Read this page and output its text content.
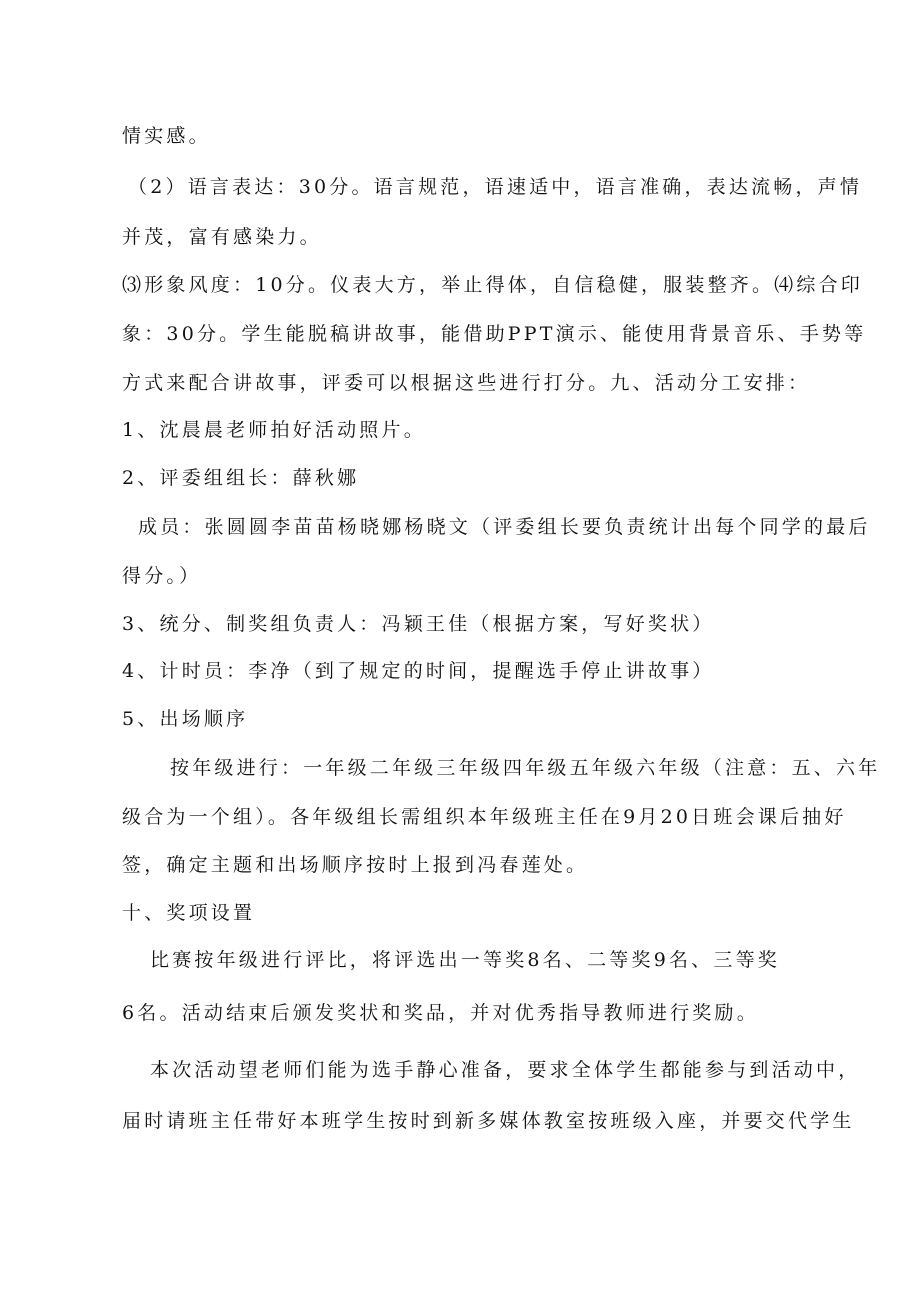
情实感。
（2）语言表达：30分。语言规范，语速适中，语言准确，表达流畅，声情
并茂，富有感染力。
⑶形象风度：10分。仪表大方，举止得体，自信稳健，服装整齐。⑷综合印
象：30分。学生能脱稿讲故事，能借助PPT演示、能使用背景音乐、手势等
方式来配合讲故事，评委可以根据这些进行打分。九、活动分工安排：
1、沈晨晨老师拍好活动照片。
2、评委组组长：薛秋娜
成员：张圆圆李苗苗杨晓娜杨晓文（评委组长要负责统计出每个同学的最后
得分。）
3、统分、制奖组负责人：冯颖王佳（根据方案，写好奖状）
4、计时员：李净（到了规定的时间，提醒选手停止讲故事）
5、出场顺序
按年级进行：一年级二年级三年级四年级五年级六年级（注意：五、六年
级合为一个组）。各年级组长需组织本年级班主任在9月20日班会课后抽好
签，确定主题和出场顺序按时上报到冯春莲处。
十、奖项设置
比赛按年级进行评比，将评选出一等奖8名、二等奖9名、三等奖
6名。活动结束后颁发奖状和奖品，并对优秀指导教师进行奖励。
本次活动望老师们能为选手静心准备，要求全体学生都能参与到活动中，
届时请班主任带好本班学生按时到新多媒体教室按班级入座，并要交代学生
